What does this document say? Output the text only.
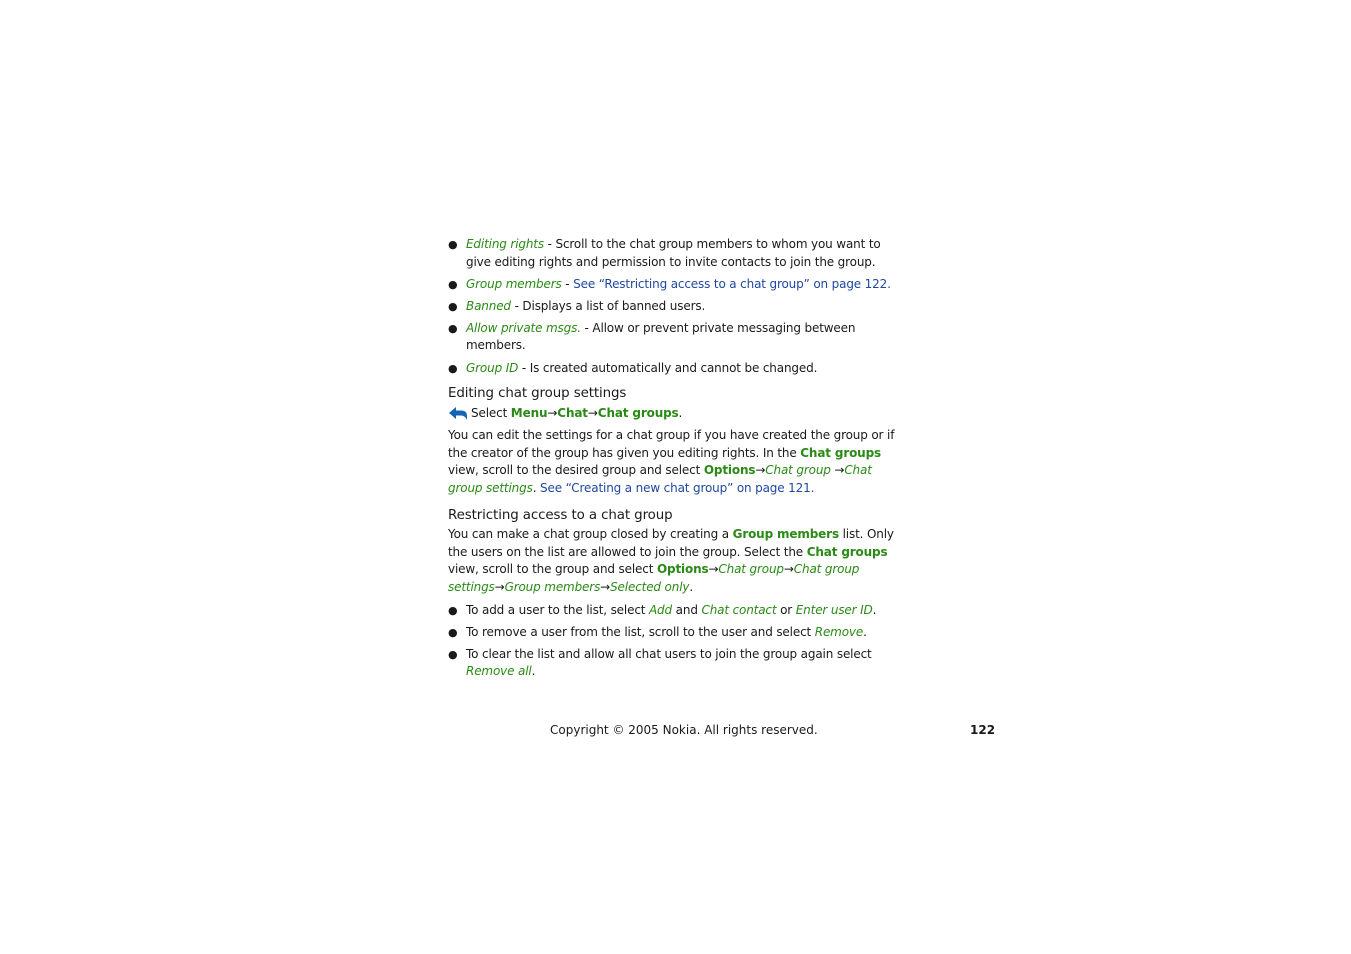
● Editing rights - Scroll to the chat group members to whom you want to give editing rights and permission to invite contacts to join the group.
● Group members - See “Restricting access to a chat group” on page 122.
● Banned - Displays a list of banned users.
● Allow private msgs. - Allow or prevent private messaging between members.
● Group ID - Is created automatically and cannot be changed.
Editing chat group settings
Select Menu → Chat → Chat groups .

You can edit the settings for a chat group if you have created the group or if the creator of the group has given you editing rights. In the Chat groups view, scroll to the desired group and select Options→Chat group →Chat group settings. See “Creating a new chat group” on page 121.

Restricting access to a chat group

You can make a chat group closed by creating a Group members list. Only the users on the list are allowed to join the group. Select the Chat groups view, scroll to the group and select Options→Chat group→Chat group settings→Group members→Selected only.

● To add a user to the list, select Add and Chat contact or Enter user ID.
● To remove a user from the list, scroll to the user and select Remove.
● To clear the list and allow all chat users to join the group again select Remove all.
Copyright © 2005 Nokia. All rights reserved.	122
